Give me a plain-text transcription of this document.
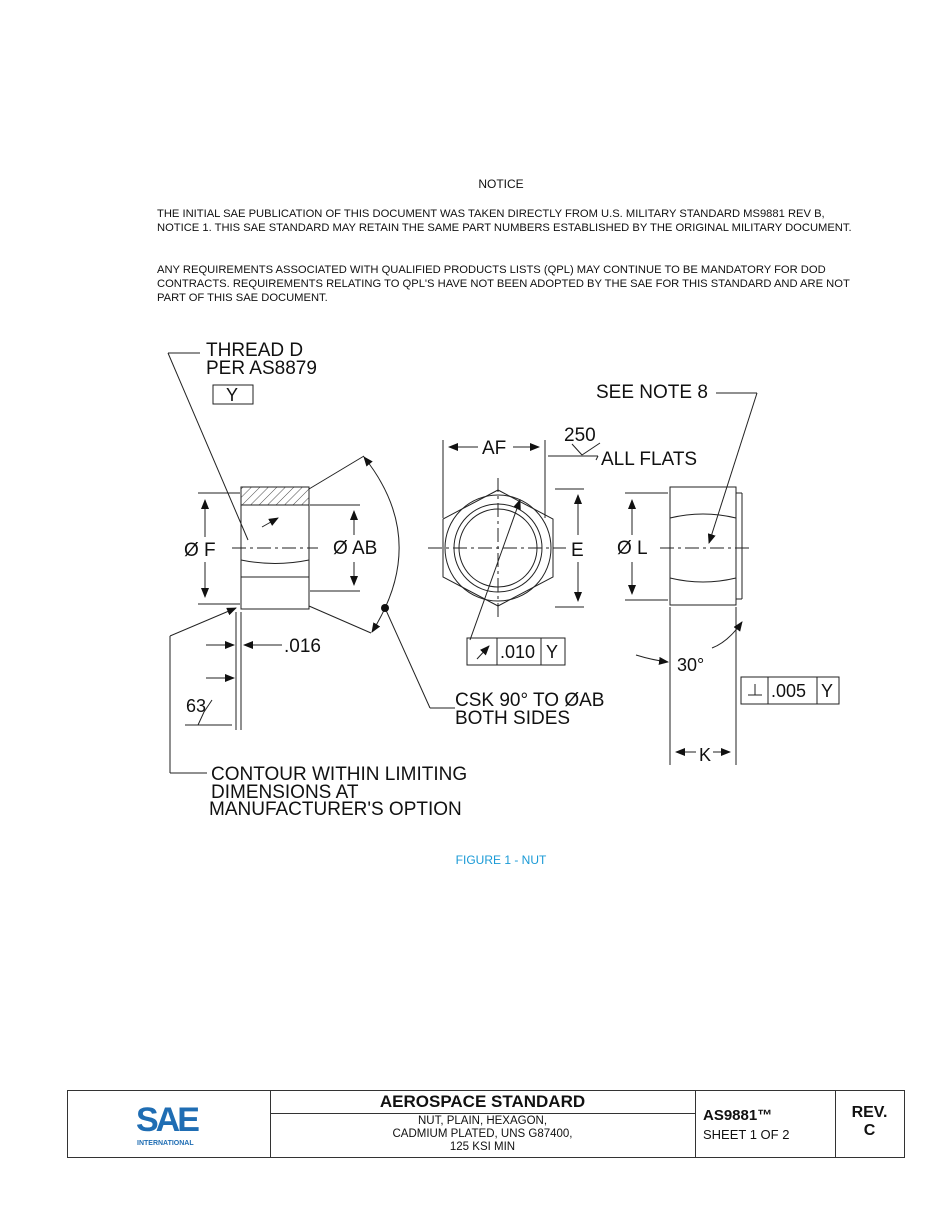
NOTICE

THE INITIAL SAE PUBLICATION OF THIS DOCUMENT WAS TAKEN DIRECTLY FROM U.S. MILITARY STANDARD MS9881 REV B, NOTICE 1. THIS SAE STANDARD MAY RETAIN THE SAME PART NUMBERS ESTABLISHED BY THE ORIGINAL MILITARY DOCUMENT.

ANY REQUIREMENTS ASSOCIATED WITH QUALIFIED PRODUCTS LISTS (QPL) MAY CONTINUE TO BE MANDATORY FOR DOD CONTRACTS. REQUIREMENTS RELATING TO QPL'S HAVE NOT BEEN ADOPTED BY THE SAE FOR THIS STANDARD AND ARE NOT PART OF THIS SAE DOCUMENT.

THREAD D
PER AS8879
Y	SEE NOTE 8
AF
250
ALL FLATS
Ø F	Ø AB	E Ø L
.016	.010 Y
30°
.005 Y
63	CSK 90° TO ØAB
BOTH SIDES
K
CONTOUR WITHIN LIMITING
DIMENSIONS AT
MANUFACTURER'S OPTION
FIGURE 1 - NUT
SAE
INTERNATIONAL
AEROSPACE STANDARD
NUT, PLAIN, HEXAGON,
CADMIUM PLATED, UNS G87400,
125 KSI MIN
AS9881™
SHEET 1 OF 2
REV.
C
